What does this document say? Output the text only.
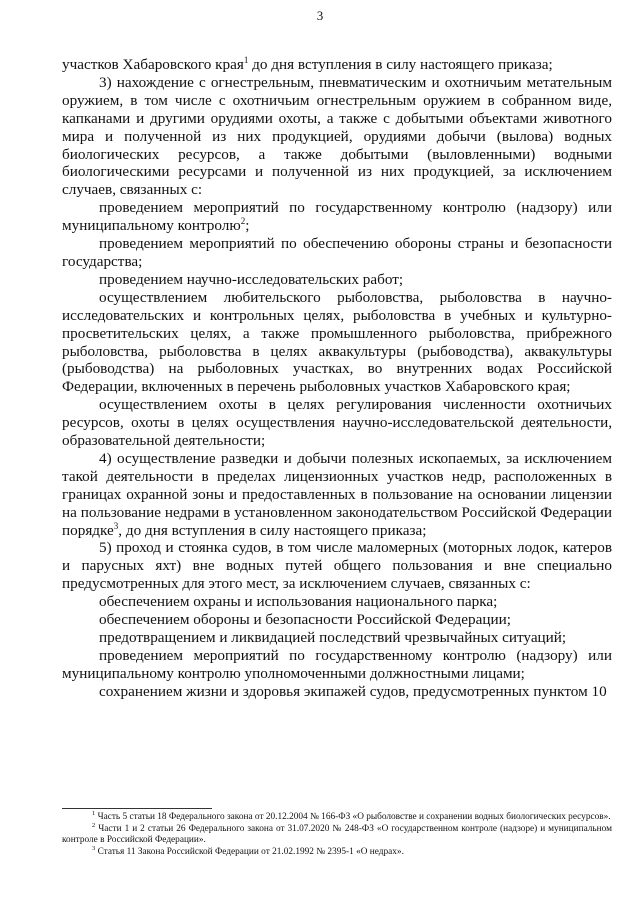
3

участков Хабаровского края$^1$ до дня вступления в силу настоящего приказа;

3) нахождение с огнестрельным, пневматическим и охотничьим метательным оружием, в том числе с охотничьим огнестрельным оружием в собранном виде, капканами и другими орудиями охоты, а также с добытыми объектами животного мира и полученной из них продукцией, орудиями добычи (вылова) водных биологических ресурсов, а также добытыми (выловленными) водными биологическими ресурсами и полученной из них продукцией, за исключением случаев, связанных с:

проведением мероприятий по государственному контролю (надзору) или муниципальному контролю$^2$;

проведением мероприятий по обеспечению обороны страны и безопасности государства;

проведением научно-исследовательских работ;

осуществлением любительского рыболовства, рыболовства в научно-исследовательских и контрольных целях, рыболовства в учебных и культурно-просветительских целях, а также промышленного рыболовства, прибрежного рыболовства, рыболовства в целях аквакультуры (рыбоводства), аквакультуры (рыбоводства) на рыболовных участках, во внутренних водах Российской Федерации, включенных в перечень рыболовных участков Хабаровского края;

осуществлением охоты в целях регулирования численности охотничьих ресурсов, охоты в целях осуществления научно-исследовательской деятельности, образовательной деятельности;

4) осуществление разведки и добычи полезных ископаемых, за исключением такой деятельности в пределах лицензионных участков недр, расположенных в границах охранной зоны и предоставленных в пользование на основании лицензии на пользование недрами в установленном законодательством Российской Федерации порядке$^3$, до дня вступления в силу настоящего приказа;

5) проход и стоянка судов, в том числе маломерных (моторных лодок, катеров и парусных яхт) вне водных путей общего пользования и вне специально предусмотренных для этого мест, за исключением случаев, связанных с:

обеспечением охраны и использования национального парка;

обеспечением обороны и безопасности Российской Федерации;

предотвращением и ликвидацией последствий чрезвычайных ситуаций;

проведением мероприятий по государственному контролю (надзору) или муниципальному контролю уполномоченными должностными лицами;

сохранением жизни и здоровья экипажей судов, предусмотренных пунктом 10

$^1$ Часть 5 статьи 18 Федерального закона от 20.12.2004 № 166-ФЗ «О рыболовстве и сохранении водных биологических ресурсов».

$^2$ Части 1 и 2 статьи 26 Федерального закона от 31.07.2020 № 248-ФЗ «О государственном контроле (надзоре) и муниципальном контроле в Российской Федерации».

$^3$ Статья 11 Закона Российской Федерации от 21.02.1992 № 2395-1 «О недрах».
